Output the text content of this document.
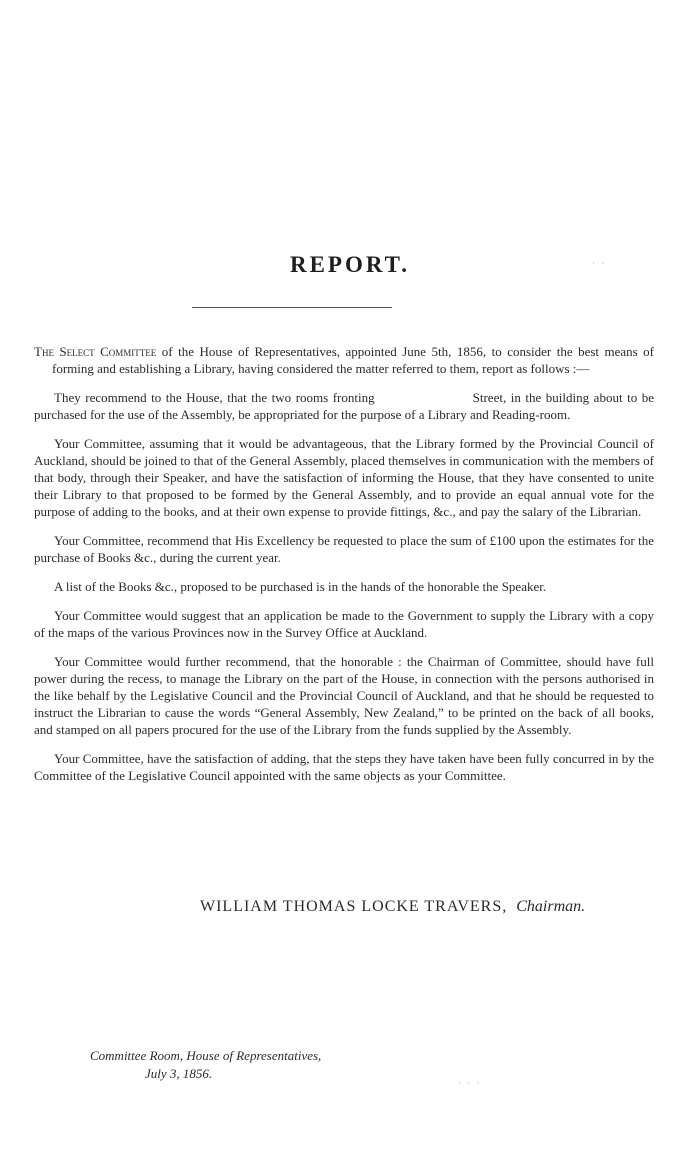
· ·
REPORT.

The Select Committee of the House of Representatives, appointed June 5th, 1856, to consider the best means of forming and establishing a Library, having considered the matter referred to them, report as follows :—

They recommend to the House, that the two rooms fronting	Street, in the building about to be purchased for the use of the Assembly, be appropriated for the purpose of a Library and Reading-room.

Your Committee, assuming that it would be advantageous, that the Library formed by the Provincial Council of Auckland, should be joined to that of the General Assembly, placed themselves in communication with the members of that body, through their Speaker, and have the satisfaction of informing the House, that they have consented to unite their Library to that proposed to be formed by the General Assembly, and to provide an equal annual vote for the purpose of adding to the books, and at their own expense to provide fittings, &c., and pay the salary of the Librarian.

Your Committee, recommend that His Excellency be requested to place the sum of £100 upon the estimates for the purchase of Books &c., during the current year.

A list of the Books &c., proposed to be purchased is in the hands of the honorable the Speaker.

Your Committee would suggest that an application be made to the Government to supply the Library with a copy of the maps of the various Provinces now in the Survey Office at Auckland.

Your Committee would further recommend, that the honorable : the Chairman of Committee, should have full power during the recess, to manage the Library on the part of the House, in connection with the persons authorised in the like behalf by the Legislative Council and the Provincial Council of Auckland, and that he should be requested to instruct the Librarian to cause the words “General Assembly, New Zealand,” to be printed on the back of all books, and stamped on all papers procured for the use of the Library from the funds supplied by the Assembly.

Your Committee, have the satisfaction of adding, that the steps they have taken have been fully concurred in by the Committee of the Legislative Council appointed with the same objects as your Committee.

WILLIAM THOMAS LOCKE TRAVERS, Chairman.
Committee Room, House of Representatives,
July 3, 1856.
· · ·
